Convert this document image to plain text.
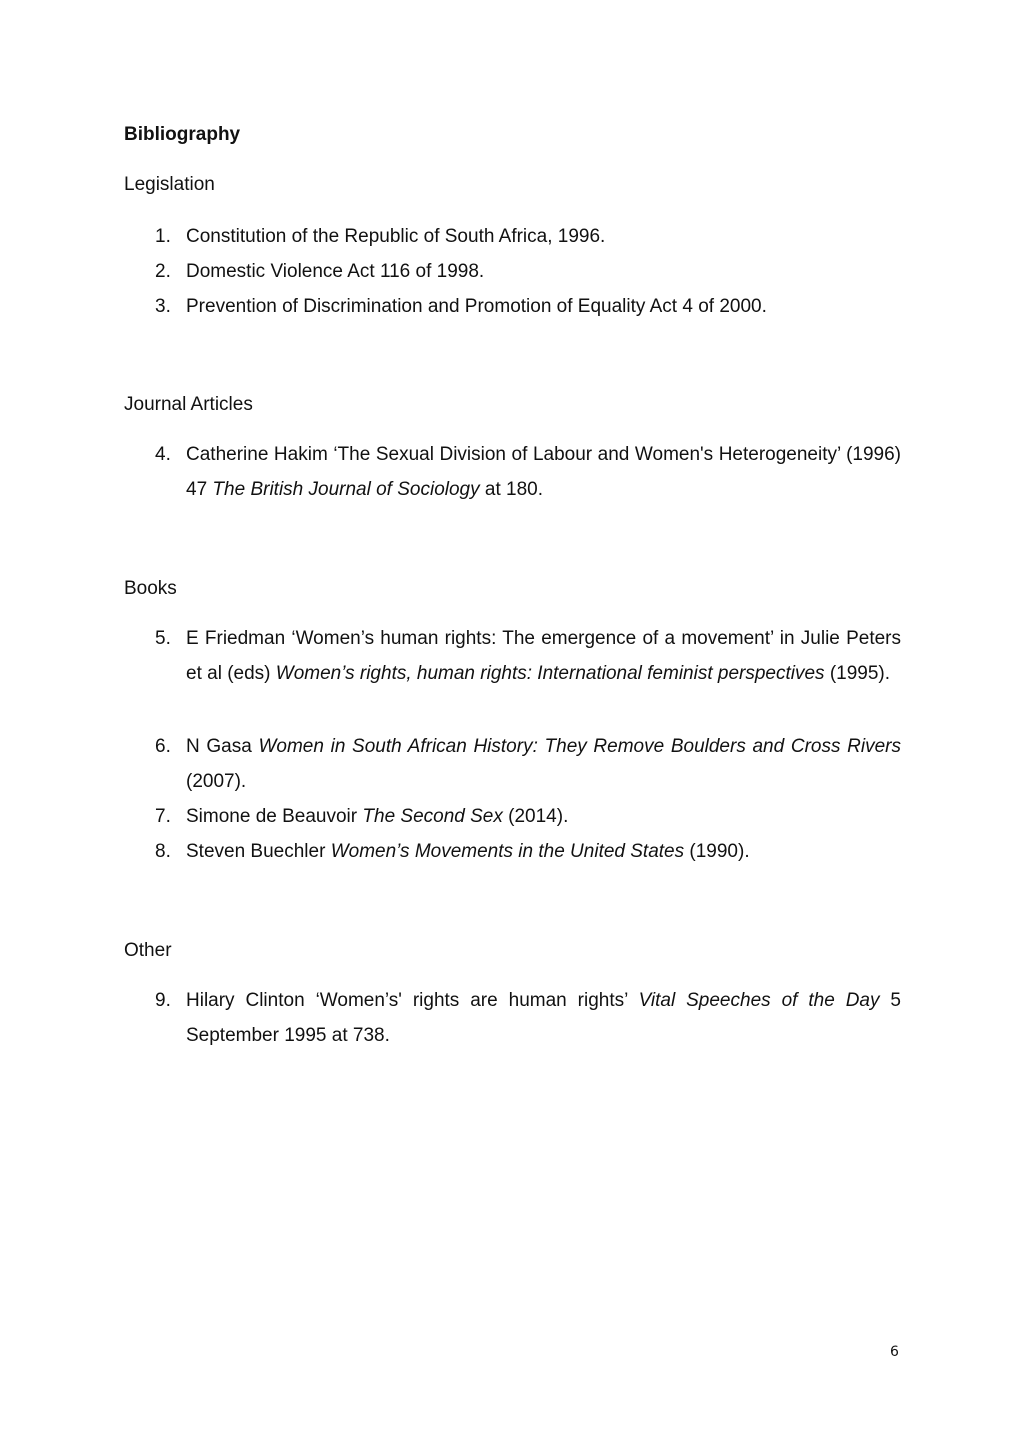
Bibliography
Legislation
1. Constitution of the Republic of South Africa, 1996.
2. Domestic Violence Act 116 of 1998.
3. Prevention of Discrimination and Promotion of Equality Act 4 of 2000.
Journal Articles
4. Catherine Hakim ‘The Sexual Division of Labour and Women's Heterogeneity’ (1996) 47 The British Journal of Sociology at 180.
Books
5. E Friedman ‘Women’s human rights: The emergence of a movement’ in Julie Peters et al (eds) Women’s rights, human rights: International feminist perspectives (1995).
6. N Gasa Women in South African History: They Remove Boulders and Cross Rivers (2007).
7. Simone de Beauvoir The Second Sex (2014).
8. Steven Buechler Women’s Movements in the United States (1990).
Other
9. Hilary Clinton ‘Women’s' rights are human rights’ Vital Speeches of the Day 5 September 1995 at 738.
6
